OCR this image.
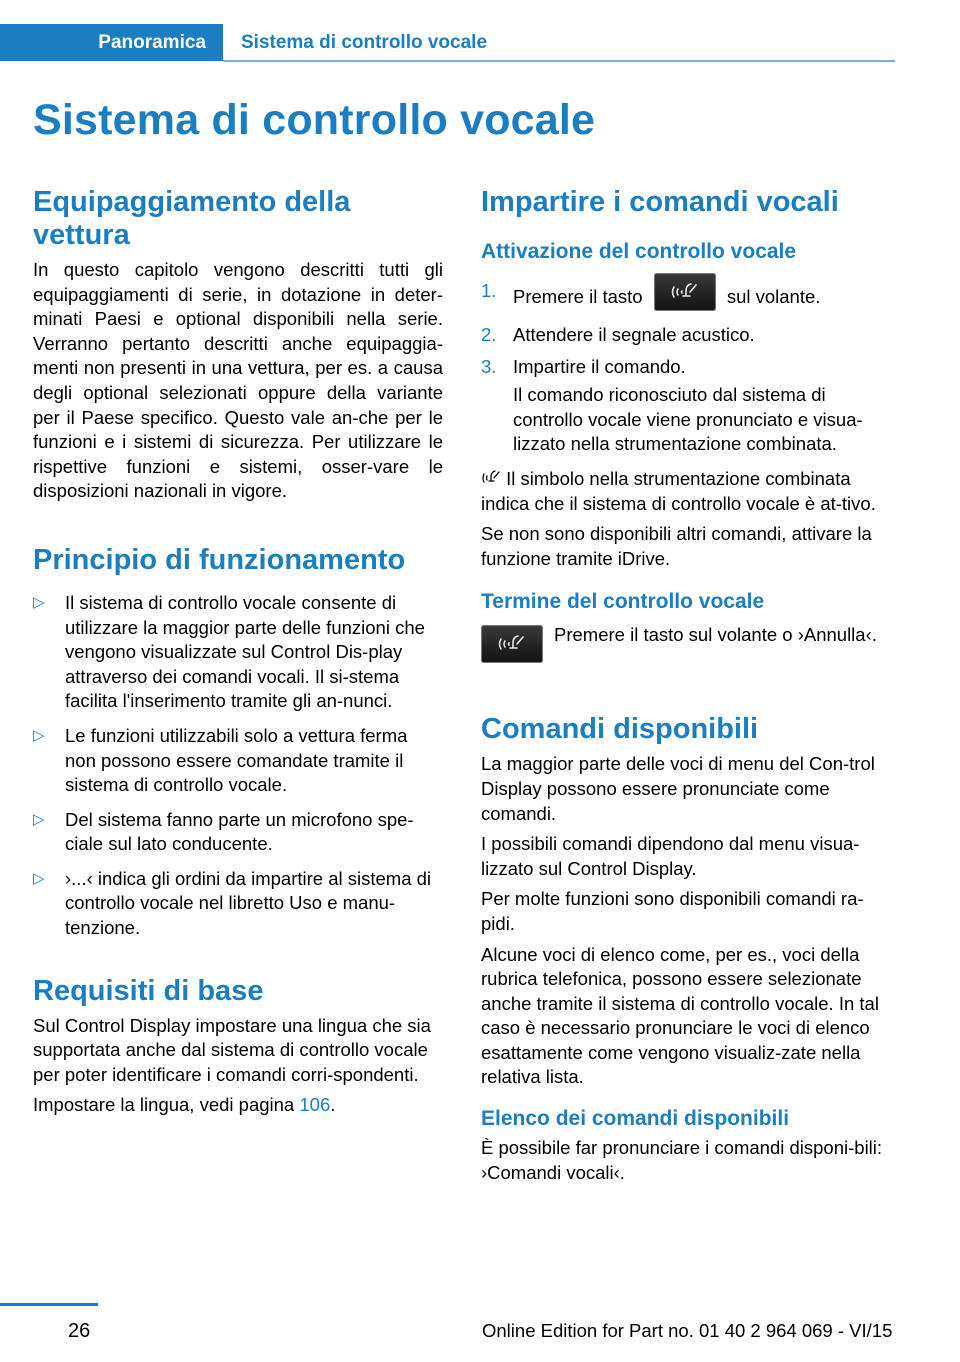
Panoramica	Sistema di controllo vocale
Sistema di controllo vocale
Equipaggiamento della vettura
In questo capitolo vengono descritti tutti gli equipaggiamenti di serie, in dotazione in deter-minati Paesi e optional disponibili nella serie. Verranno pertanto descritti anche equipaggia-menti non presenti in una vettura, per es. a causa degli optional selezionati oppure della variante per il Paese specifico. Questo vale an-che per le funzioni e i sistemi di sicurezza. Per utilizzare le rispettive funzioni e sistemi, osser-vare le disposizioni nazionali in vigore.
Principio di funzionamento
▷ Il sistema di controllo vocale consente di utilizzare la maggior parte delle funzioni che vengono visualizzate sul Control Dis-play attraverso dei comandi vocali. Il si-stema facilita l'inserimento tramite gli an-nunci.
▷ Le funzioni utilizzabili solo a vettura ferma non possono essere comandate tramite il sistema di controllo vocale.
▷ Del sistema fanno parte un microfono spe-ciale sul lato conducente.
▷ ›...‹ indica gli ordini da impartire al sistema di controllo vocale nel libretto Uso e manu-tenzione.
Requisiti di base
Sul Control Display impostare una lingua che sia supportata anche dal sistema di controllo vocale per poter identificare i comandi corri-spondenti.
Impostare la lingua, vedi pagina 106.
Impartire i comandi vocali
Attivazione del controllo vocale
1. Premere il tasto	sul volante.
2. Attendere il segnale acustico.
3. Impartire il comando.
Il comando riconosciuto dal sistema di controllo vocale viene pronunciato e visua-lizzato nella strumentazione combinata.
Il simbolo nella strumentazione combinata indica che il sistema di controllo vocale è at-tivo.
Se non sono disponibili altri comandi, attivare la funzione tramite iDrive.
Termine del controllo vocale
Premere il tasto sul volante o ›Annulla‹.
Comandi disponibili
La maggior parte delle voci di menu del Con-trol Display possono essere pronunciate come comandi.
I possibili comandi dipendono dal menu visua-lizzato sul Control Display.
Per molte funzioni sono disponibili comandi ra-pidi.
Alcune voci di elenco come, per es., voci della rubrica telefonica, possono essere selezionate anche tramite il sistema di controllo vocale. In tal caso è necessario pronunciare le voci di elenco esattamente come vengono visualiz-zate nella relativa lista.
Elenco dei comandi disponibili
È possibile far pronunciare i comandi disponi-bili: ›Comandi vocali‹.
26	Online Edition for Part no. 01 40 2 964 069 - VI/15
